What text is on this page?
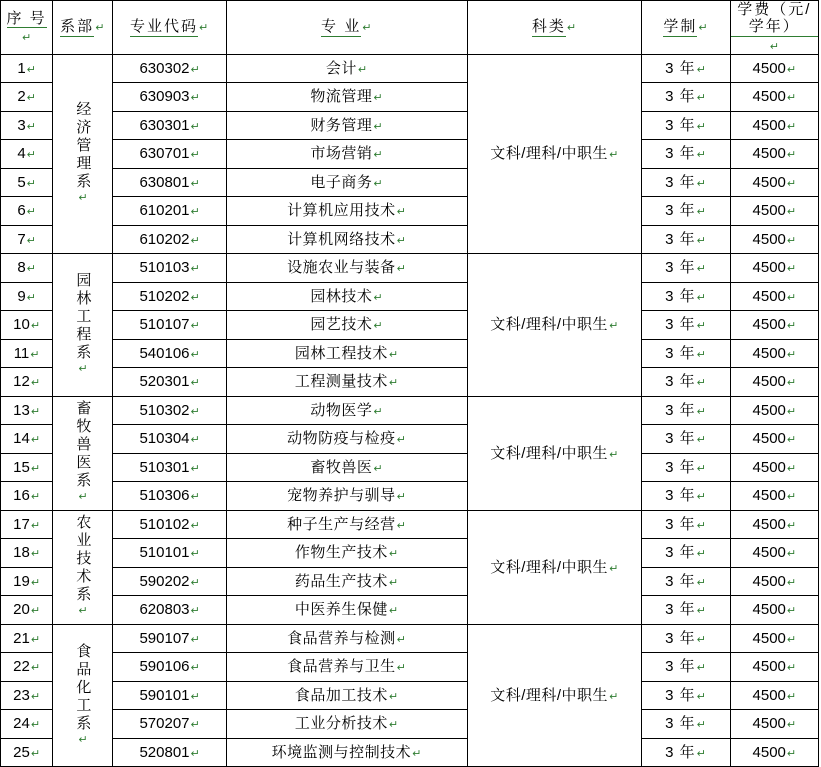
序 号↵	系部↵	专业代码↵	专 业↵	科类↵	学制↵	学费（元/学年）↵
1↵	经济管理系↵	630302↵	会计↵	文科/理科/中职生↵	3 年↵	4500↵
2↵		630903↵	物流管理↵		3 年↵	4500↵
3↵		630301↵	财务管理↵		3 年↵	4500↵
4↵		630701↵	市场营销↵		3 年↵	4500↵
5↵		630801↵	电子商务↵		3 年↵	4500↵
6↵		610201↵	计算机应用技术↵		3 年↵	4500↵
7↵		610202↵	计算机网络技术↵		3 年↵	4500↵
8↵	园林工程系↵	510103↵	设施农业与装备↵	文科/理科/中职生↵	3 年↵	4500↵
9↵		510202↵	园林技术↵		3 年↵	4500↵
10↵		510107↵	园艺技术↵		3 年↵	4500↵
11↵		540106↵	园林工程技术↵		3 年↵	4500↵
12↵		520301↵	工程测量技术↵		3 年↵	4500↵
13↵	畜牧兽医系↵	510302↵	动物医学↵	文科/理科/中职生↵	3 年↵	4500↵
14↵		510304↵	动物防疫与检疫↵		3 年↵	4500↵
15↵		510301↵	畜牧兽医↵		3 年↵	4500↵
16↵		510306↵	宠物养护与驯导↵		3 年↵	4500↵
17↵	农业技术系↵	510102↵	种子生产与经营↵	文科/理科/中职生↵	3 年↵	4500↵
18↵		510101↵	作物生产技术↵		3 年↵	4500↵
19↵		590202↵	药品生产技术↵		3 年↵	4500↵
20↵		620803↵	中医养生保健↵		3 年↵	4500↵
21↵	食品化工系↵	590107↵	食品营养与检测↵	文科/理科/中职生↵	3 年↵	4500↵
22↵		590106↵	食品营养与卫生↵		3 年↵	4500↵
23↵		590101↵	食品加工技术↵		3 年↵	4500↵
24↵		570207↵	工业分析技术↵		3 年↵	4500↵
25↵		520801↵	环境监测与控制技术↵		3 年↵	4500↵
